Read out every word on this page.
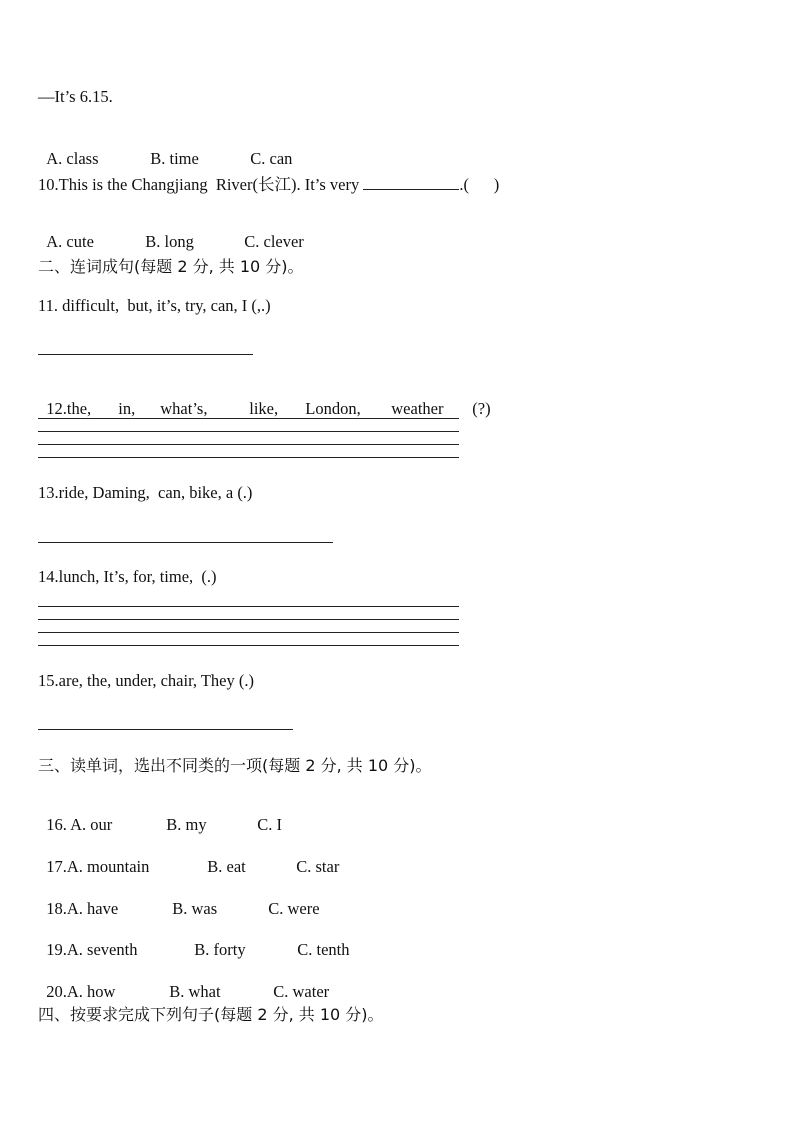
—It’s 6.15.

A. class	B. time	C. can

10.This is the Changjiang  River(长江). It’s very	.(      )

A. cute	B. long	C. clever

二、连词成句(每题 2 分, 共 10 分)。
11. difficult,  but, it’s, try, can, I (,.)

12.the, in, what’s,	like, London, weather (?)

13.ride, Daming,  can, bike, a (.)
14.lunch, It’s, for, time,  (.)
15.are, the, under, chair, They (.)
三、读单词，选出不同类的一项(每题 2 分, 共 10 分)。

16. A. our	B. my	C. I

17.A. mountain	B. eat	C. star

18.A. have	B. was	C. were

19.A. seventh	B. forty	C. tenth

20.A. how	B. what	C. water

四、按要求完成下列句子(每题 2 分, 共 10 分)。
